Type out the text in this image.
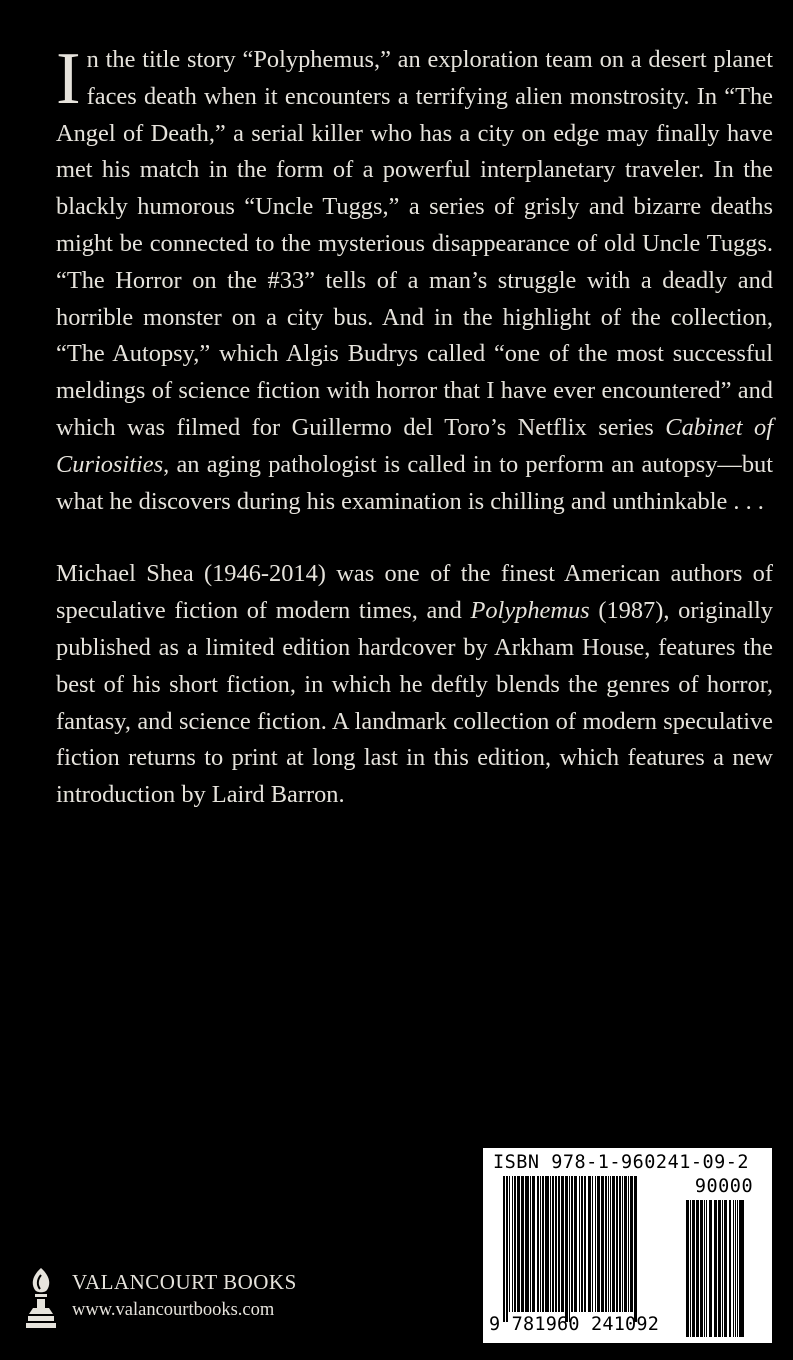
In the title story “Polyphemus,” an exploration team on a desert planet faces death when it encounters a terrifying alien monstrosity. In “The Angel of Death,” a serial killer who has a city on edge may finally have met his match in the form of a powerful interplanetary traveler. In the blackly humorous “Uncle Tuggs,” a series of grisly and bizarre deaths might be connected to the mysterious disappearance of old Uncle Tuggs. “The Horror on the #33” tells of a man’s struggle with a deadly and horrible monster on a city bus. And in the highlight of the collection, “The Autopsy,” which Algis Budrys called “one of the most successful meldings of science fiction with horror that I have ever encountered” and which was filmed for Guillermo del Toro’s Netflix series Cabinet of Curiosities, an aging pathologist is called in to perform an autopsy—but what he discovers during his examination is chilling and unthinkable . . .

Michael Shea (1946-2014) was one of the finest American authors of speculative fiction of modern times, and Polyphemus (1987), originally published as a limited edition hardcover by Arkham House, features the best of his short fiction, in which he deftly blends the genres of horror, fantasy, and science fiction. A landmark collection of modern speculative fiction returns to print at long last in this edition, which features a new introduction by Laird Barron.

ISBN 978-1-960241-09-2
90000
9 781960 241092
VALANCOURT BOOKS
www.valancourtbooks.com
